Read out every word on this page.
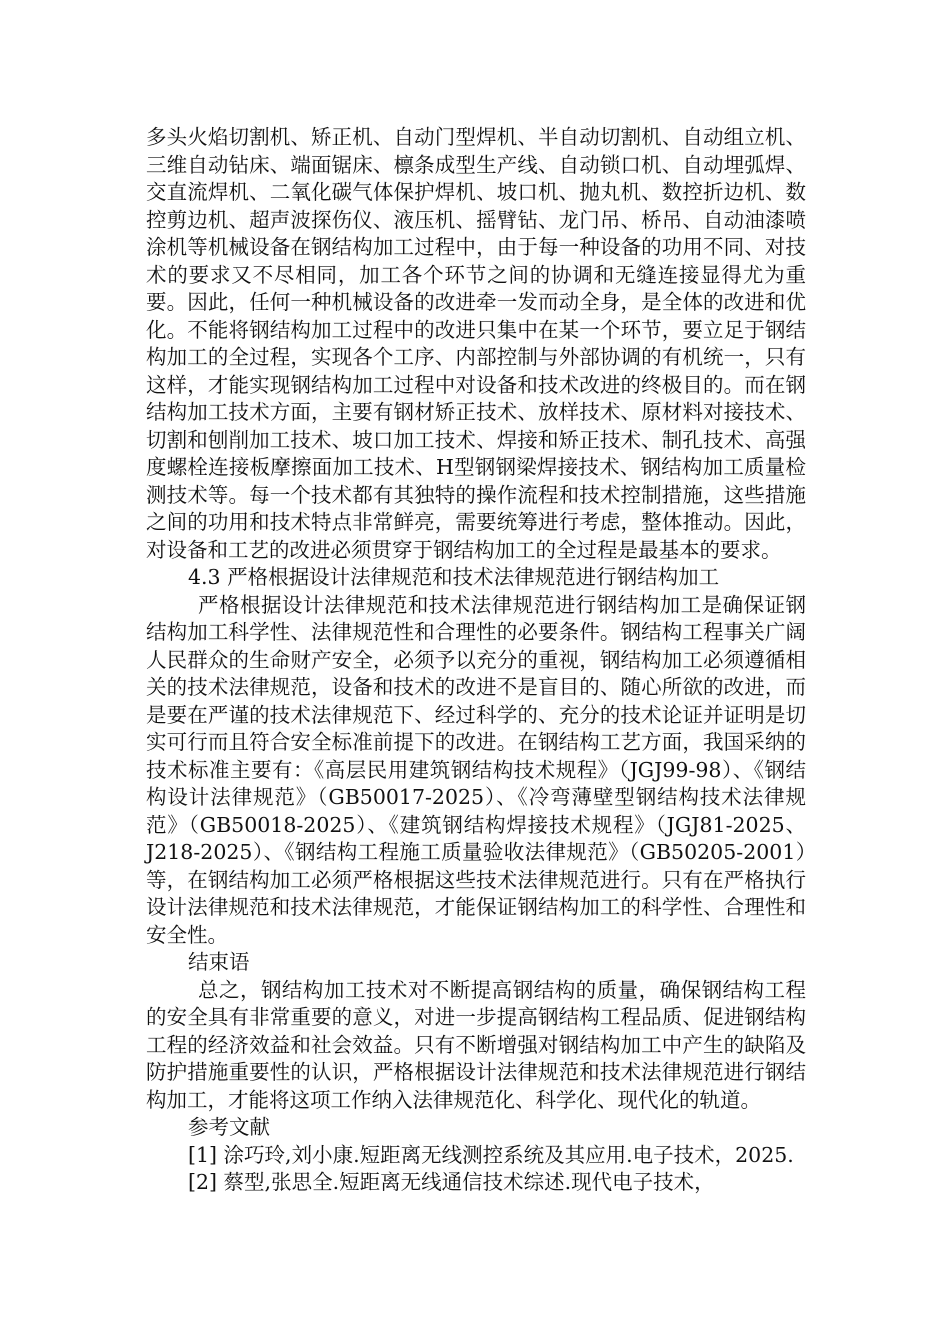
多头火焰切割机、矫正机、自动门型焊机、半自动切割机、自动组立机、三维自动钻床、端面锯床、檩条成型生产线、自动锁口机、自动埋弧焊、交直流焊机、二氧化碳气体保护焊机、坡口机、抛丸机、数控折边机、数控剪边机、超声波探伤仪、液压机、摇臂钻、龙门吊、桥吊、自动油漆喷涂机等机械设备在钢结构加工过程中，由于每一种设备的功用不同、对技术的要求又不尽相同，加工各个环节之间的协调和无缝连接显得尤为重要。因此，任何一种机械设备的改进牵一发而动全身，是全体的改进和优化。不能将钢结构加工过程中的改进只集中在某一个环节，要立足于钢结构加工的全过程，实现各个工序、内部控制与外部协调的有机统一，只有这样，才能实现钢结构加工过程中对设备和技术改进的终极目的。而在钢结构加工技术方面，主要有钢材矫正技术、放样技术、原材料对接技术、切割和刨削加工技术、坡口加工技术、焊接和矫正技术、制孔技术、高强度螺栓连接板摩擦面加工技术、H型钢钢梁焊接技术、钢结构加工质量检测技术等。每一个技术都有其独特的操作流程和技术控制措施，这些措施之间的功用和技术特点非常鲜亮，需要统筹进行考虑，整体推动。因此，对设备和工艺的改进必须贯穿于钢结构加工的全过程是最基本的要求。

4.3 严格根据设计法律规范和技术法律规范进行钢结构加工

严格根据设计法律规范和技术法律规范进行钢结构加工是确保证钢结构加工科学性、法律规范性和合理性的必要条件。钢结构工程事关广阔人民群众的生命财产安全，必须予以充分的重视，钢结构加工必须遵循相关的技术法律规范，设备和技术的改进不是盲目的、随心所欲的改进，而是要在严谨的技术法律规范下、经过科学的、充分的技术论证并证明是切实可行而且符合安全标准前提下的改进。在钢结构工艺方面，我国采纳的技术标准主要有：《高层民用建筑钢结构技术规程》（JGJ99-98）、《钢结构设计法律规范》（GB50017-2025）、《冷弯薄壁型钢结构技术法律规范》（GB50018-2025）、《建筑钢结构焊接技术规程》（JGJ81-2025、J218-2025）、《钢结构工程施工质量验收法律规范》（GB50205-2001）等，在钢结构加工必须严格根据这些技术法律规范进行。只有在严格执行设计法律规范和技术法律规范，才能保证钢结构加工的科学性、合理性和安全性。

结束语

总之，钢结构加工技术对不断提高钢结构的质量，确保钢结构工程的安全具有非常重要的意义，对进一步提高钢结构工程品质、促进钢结构工程的经济效益和社会效益。只有不断增强对钢结构加工中产生的缺陷及防护措施重要性的认识，严格根据设计法律规范和技术法律规范进行钢结构加工，才能将这项工作纳入法律规范化、科学化、现代化的轨道。

参考文献

[1] 涂巧玲,刘小康.短距离无线测控系统及其应用.电子技术，2025.

[2] 蔡型,张思全.短距离无线通信技术综述.现代电子技术，
